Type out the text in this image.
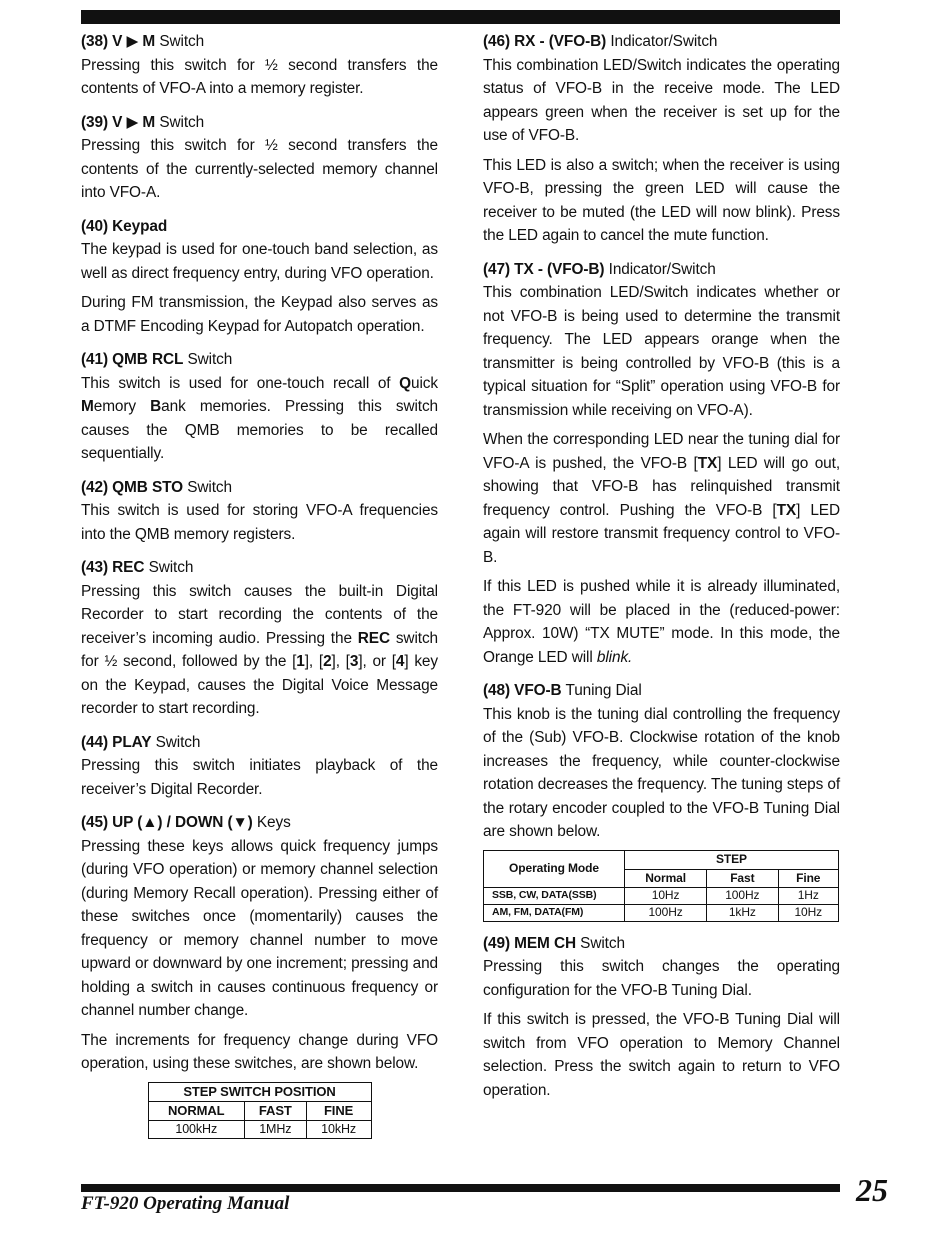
(38) V ▶ M Switch

Pressing this switch for ½ second transfers the contents of VFO-A into a memory register.

(39) V ▶ M Switch

Pressing this switch for ½ second transfers the contents of the currently-selected memory channel into VFO-A.

(40) Keypad

The keypad is used for one-touch band selection, as well as direct frequency entry, during VFO operation.

During FM transmission, the Keypad also serves as a DTMF Encoding Keypad for Autopatch operation.

(41) QMB RCL Switch

This switch is used for one-touch recall of Quick Memory Bank memories. Pressing this switch causes the QMB memories to be recalled sequentially.

(42) QMB STO Switch

This switch is used for storing VFO-A frequencies into the QMB memory registers.

(43) REC Switch

Pressing this switch causes the built-in Digital Recorder to start recording the contents of the receiver’s incoming audio. Pressing the REC switch for ½ second, followed by the [1], [2], [3], or [4] key on the Keypad, causes the Digital Voice Message recorder to start recording.

(44) PLAY Switch

Pressing this switch initiates playback of the receiver’s Digital Recorder.

(45) UP (▲) / DOWN (▼) Keys

Pressing these keys allows quick frequency jumps (during VFO operation) or memory channel selection (during Memory Recall operation). Pressing either of these switches once (momentarily) causes the frequency or memory channel number to move upward or downward by one increment; pressing and holding a switch in causes continuous frequency or channel number change.

The increments for frequency change during VFO operation, using these switches, are shown below.

STEP SWITCH POSITION		
NORMAL	FAST	FINE
100kHz	1MHz	10kHz
(46) RX - (VFO-B) Indicator/Switch

This combination LED/Switch indicates the operating status of VFO-B in the receive mode. The LED appears green when the receiver is set up for the use of VFO-B.

This LED is also a switch; when the receiver is using VFO-B, pressing the green LED will cause the receiver to be muted (the LED will now blink). Press the LED again to cancel the mute function.

(47) TX - (VFO-B) Indicator/Switch

This combination LED/Switch indicates whether or not VFO-B is being used to determine the transmit frequency. The LED appears orange when the transmitter is being controlled by VFO-B (this is a typical situation for “Split” operation using VFO-B for transmission while receiving on VFO-A).

When the corresponding LED near the tuning dial for VFO-A is pushed, the VFO-B [TX] LED will go out, showing that VFO-B has relinquished transmit frequency control. Pushing the VFO-B [TX] LED again will restore transmit frequency control to VFO-B.

If this LED is pushed while it is already illuminated, the FT-920 will be placed in the (reduced-power: Approx. 10W) “TX MUTE” mode. In this mode, the Orange LED will blink.

(48) VFO-B Tuning Dial

This knob is the tuning dial controlling the frequency of the (Sub) VFO-B. Clockwise rotation of the knob increases the frequency, while counter-clockwise rotation decreases the frequency. The tuning steps of the rotary encoder coupled to the VFO-B Tuning Dial are shown below.

Operating Mode	STEP		
	Normal	Fast	Fine
SSB, CW, DATA(SSB)	10Hz	100Hz	1Hz
AM, FM, DATA(FM)	100Hz	1kHz	10Hz
(49) MEM CH Switch

Pressing this switch changes the operating configuration for the VFO-B Tuning Dial.

If this switch is pressed, the VFO-B Tuning Dial will switch from VFO operation to Memory Channel selection. Press the switch again to return to VFO operation.

FT-920 Operating Manual	25
